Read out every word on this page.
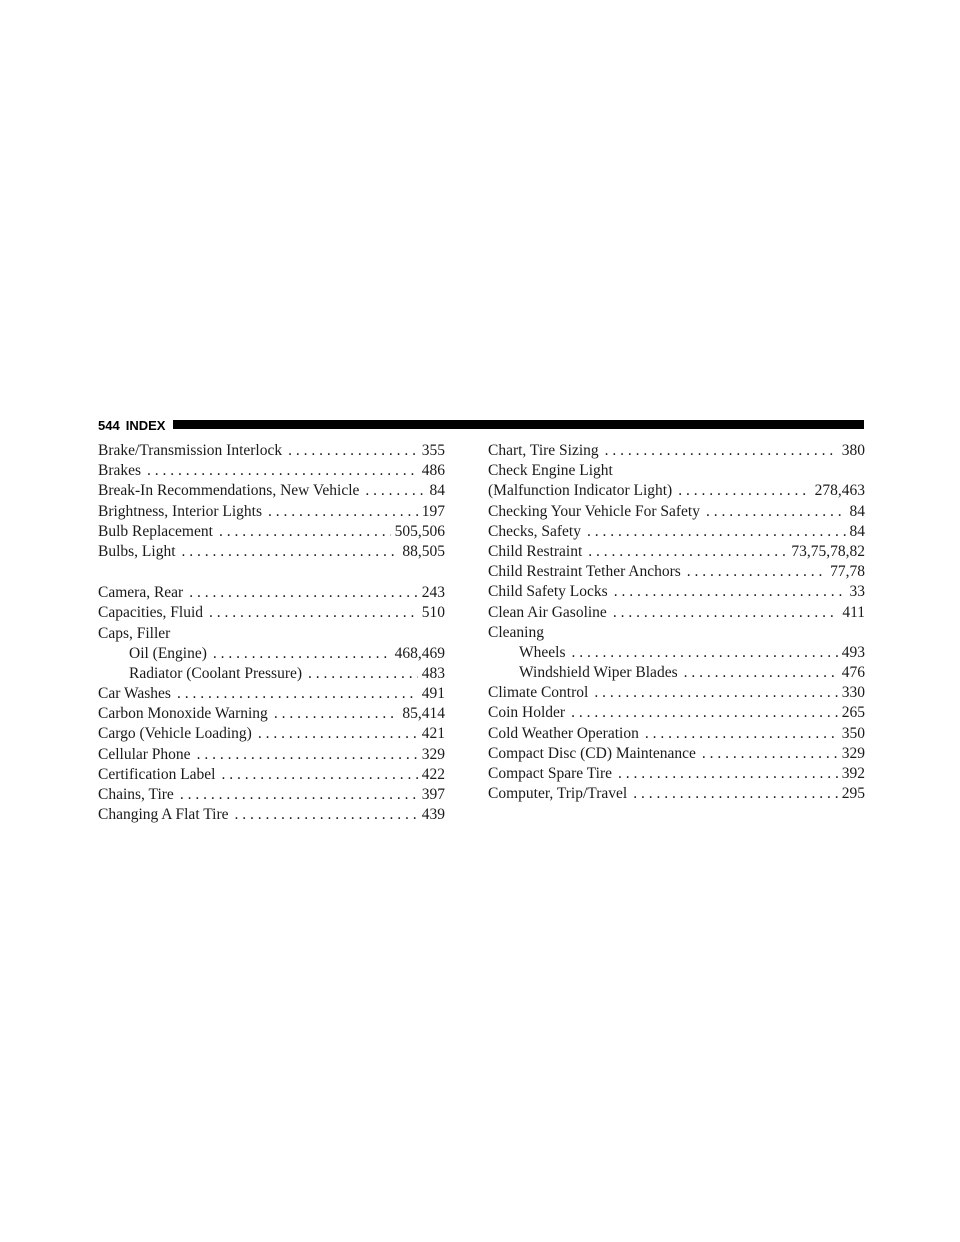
544 INDEX
Brake/Transmission Interlock . . .	355
Brakes . . .	486
Break-In Recommendations, New Vehicle . . .	84
Brightness, Interior Lights . . .	197
Bulb Replacement . . .	505,506
Bulbs, Light . . .	88,505
Camera, Rear . . .	243
Capacities, Fluid . . .	510
Caps, Filler
Oil (Engine) . . .	468,469
Radiator (Coolant Pressure) . . .	483
Car Washes . . .	491
Carbon Monoxide Warning . . .	85,414
Cargo (Vehicle Loading) . . .	421
Cellular Phone . . .	329
Certification Label . . .	422
Chains, Tire . . .	397
Changing A Flat Tire . . .	439
Chart, Tire Sizing . . .	380
Check Engine Light
(Malfunction Indicator Light) . . .	278,463
Checking Your Vehicle For Safety . . .	84
Checks, Safety . . .	84
Child Restraint . . .	73,75,78,82
Child Restraint Tether Anchors . . .	77,78
Child Safety Locks . . .	33
Clean Air Gasoline . . .	411
Cleaning
Wheels . . .	493
Windshield Wiper Blades . . .	476
Climate Control . . .	330
Coin Holder . . .	265
Cold Weather Operation . . .	350
Compact Disc (CD) Maintenance . . .	329
Compact Spare Tire . . .	392
Computer, Trip/Travel . . .	295
